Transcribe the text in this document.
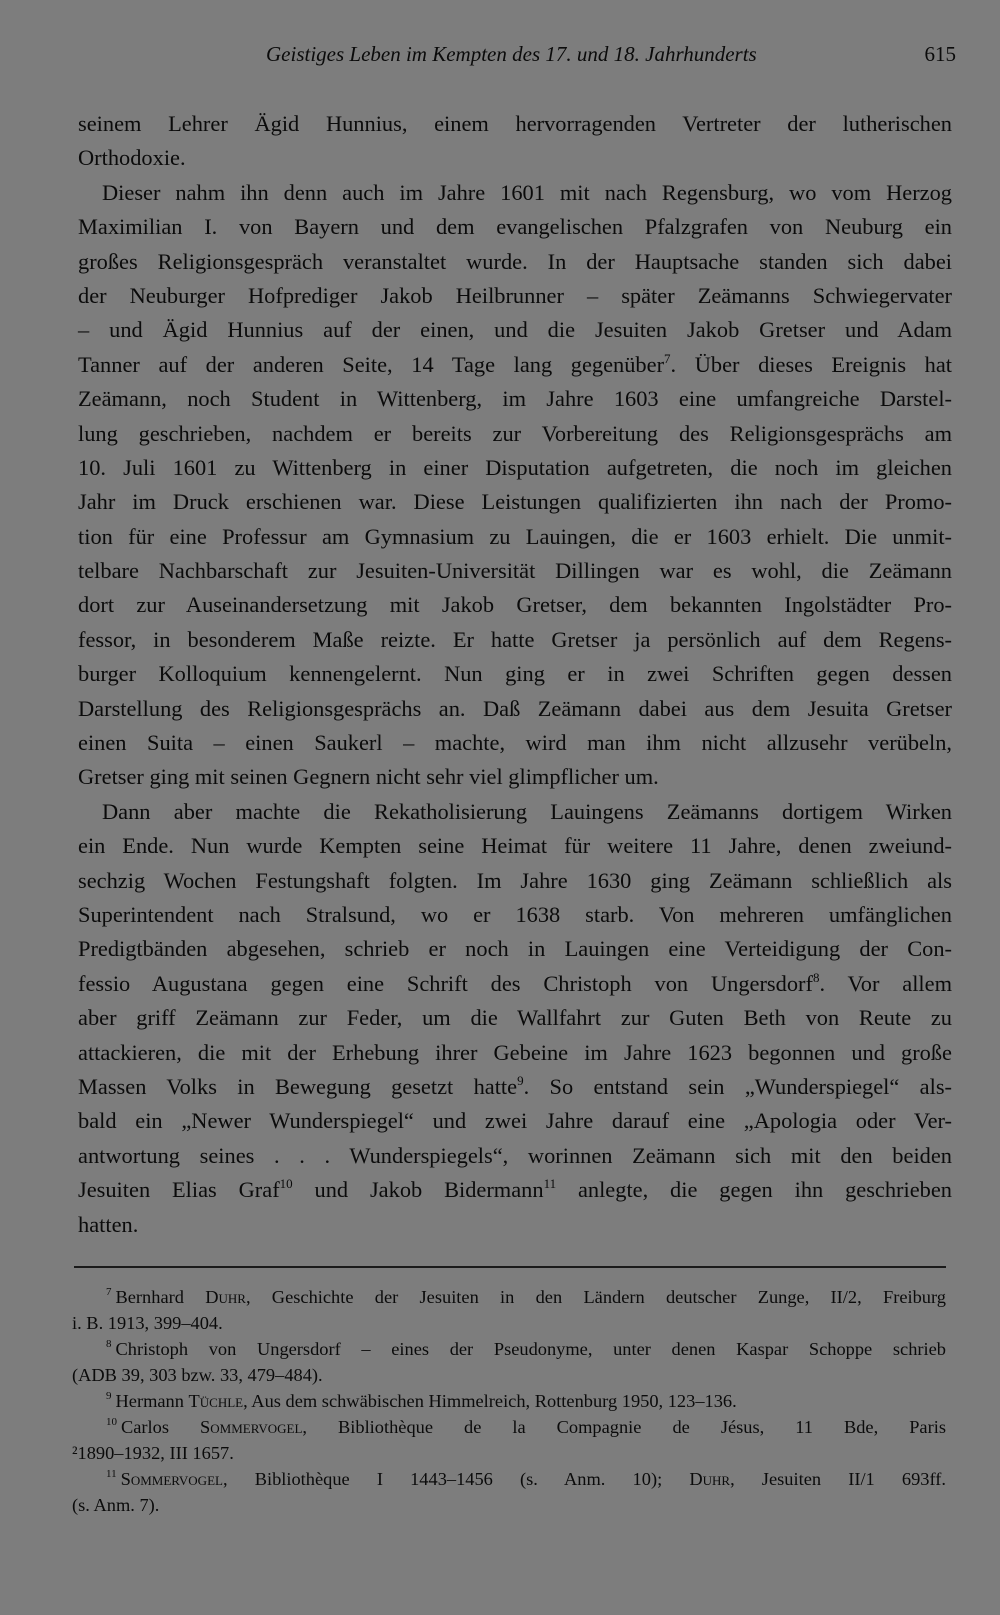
Geistiges Leben im Kempten des 17. und 18. Jahrhunderts	615
seinem Lehrer Ägid Hunnius, einem hervorragenden Vertreter der lutherischen
Orthodoxie.
Dieser nahm ihn denn auch im Jahre 1601 mit nach Regensburg, wo vom Herzog
Maximilian I. von Bayern und dem evangelischen Pfalzgrafen von Neuburg ein
großes Religionsgespräch veranstaltet wurde. In der Hauptsache standen sich dabei
der Neuburger Hofprediger Jakob Heilbrunner – später Zeämanns Schwiegervater
– und Ägid Hunnius auf der einen, und die Jesuiten Jakob Gretser und Adam
Tanner auf der anderen Seite, 14 Tage lang gegenüber$^7$. Über dieses Ereignis hat
Zeämann, noch Student in Wittenberg, im Jahre 1603 eine umfangreiche Darstel-
lung geschrieben, nachdem er bereits zur Vorbereitung des Religionsgesprächs am
10. Juli 1601 zu Wittenberg in einer Disputation aufgetreten, die noch im gleichen
Jahr im Druck erschienen war. Diese Leistungen qualifizierten ihn nach der Promo-
tion für eine Professur am Gymnasium zu Lauingen, die er 1603 erhielt. Die unmit-
telbare Nachbarschaft zur Jesuiten-Universität Dillingen war es wohl, die Zeämann
dort zur Auseinandersetzung mit Jakob Gretser, dem bekannten Ingolstädter Pro-
fessor, in besonderem Maße reizte. Er hatte Gretser ja persönlich auf dem Regens-
burger Kolloquium kennengelernt. Nun ging er in zwei Schriften gegen dessen
Darstellung des Religionsgesprächs an. Daß Zeämann dabei aus dem Jesuita Gretser
einen Suita – einen Saukerl – machte, wird man ihm nicht allzusehr verübeln,
Gretser ging mit seinen Gegnern nicht sehr viel glimpflicher um.
Dann aber machte die Rekatholisierung Lauingens Zeämanns dortigem Wirken
ein Ende. Nun wurde Kempten seine Heimat für weitere 11 Jahre, denen zweiund-
sechzig Wochen Festungshaft folgten. Im Jahre 1630 ging Zeämann schließlich als
Superintendent nach Stralsund, wo er 1638 starb. Von mehreren umfänglichen
Predigtbänden abgesehen, schrieb er noch in Lauingen eine Verteidigung der Con-
fessio Augustana gegen eine Schrift des Christoph von Ungersdorf$^8$. Vor allem
aber griff Zeämann zur Feder, um die Wallfahrt zur Guten Beth von Reute zu
attackieren, die mit der Erhebung ihrer Gebeine im Jahre 1623 begonnen und große
Massen Volks in Bewegung gesetzt hatte$^9$. So entstand sein „Wunderspiegel“ als-
bald ein „Newer Wunderspiegel“ und zwei Jahre darauf eine „Apologia oder Ver-
antwortung seines . . . Wunderspiegels“, worinnen Zeämann sich mit den beiden
Jesuiten Elias Graf$^{10}$ und Jakob Bidermann$^{11}$ anlegte, die gegen ihn geschrieben
hatten.
$^7$ Bernhard Duhr, Geschichte der Jesuiten in den Ländern deutscher Zunge, II/2, Freiburg
i. B. 1913, 399–404.
$^8$ Christoph von Ungersdorf – eines der Pseudonyme, unter denen Kaspar Schoppe schrieb
(ADB 39, 303 bzw. 33, 479–484).
$^9$ Hermann Tüchle, Aus dem schwäbischen Himmelreich, Rottenburg 1950, 123–136.
$^{10}$ Carlos Sommervogel, Bibliothèque de la Compagnie de Jésus, 11 Bde, Paris
²1890–1932, III 1657.
$^{11}$ Sommervogel, Bibliothèque I 1443–1456 (s. Anm. 10); Duhr, Jesuiten II/1 693ff.
(s. Anm. 7).
